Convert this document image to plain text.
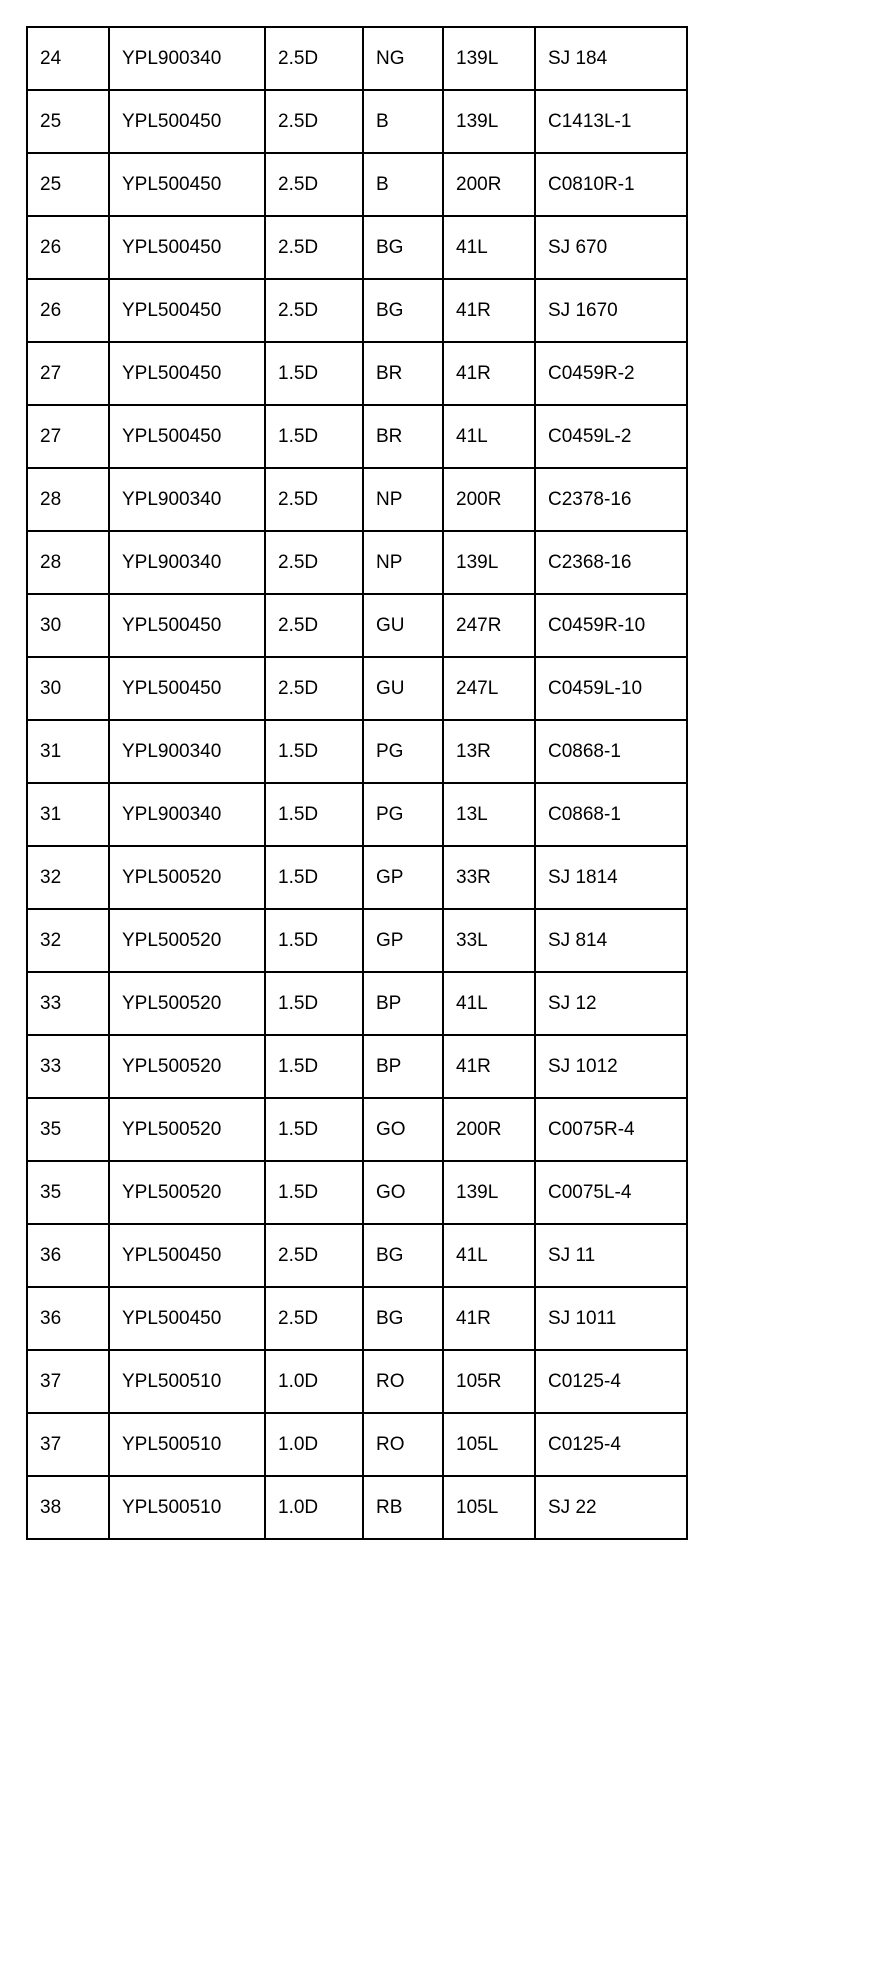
24	YPL900340	2.5D	NG	139L	SJ 184
25	YPL500450	2.5D	B	139L	C1413L-1
25	YPL500450	2.5D	B	200R	C0810R-1
26	YPL500450	2.5D	BG	41L	SJ 670
26	YPL500450	2.5D	BG	41R	SJ 1670
27	YPL500450	1.5D	BR	41R	C0459R-2
27	YPL500450	1.5D	BR	41L	C0459L-2
28	YPL900340	2.5D	NP	200R	C2378-16
28	YPL900340	2.5D	NP	139L	C2368-16
30	YPL500450	2.5D	GU	247R	C0459R-10
30	YPL500450	2.5D	GU	247L	C0459L-10
31	YPL900340	1.5D	PG	13R	C0868-1
31	YPL900340	1.5D	PG	13L	C0868-1
32	YPL500520	1.5D	GP	33R	SJ 1814
32	YPL500520	1.5D	GP	33L	SJ 814
33	YPL500520	1.5D	BP	41L	SJ 12
33	YPL500520	1.5D	BP	41R	SJ 1012
35	YPL500520	1.5D	GO	200R	C0075R-4
35	YPL500520	1.5D	GO	139L	C0075L-4
36	YPL500450	2.5D	BG	41L	SJ 11
36	YPL500450	2.5D	BG	41R	SJ 1011
37	YPL500510	1.0D	RO	105R	C0125-4
37	YPL500510	1.0D	RO	105L	C0125-4
38	YPL500510	1.0D	RB	105L	SJ 22
